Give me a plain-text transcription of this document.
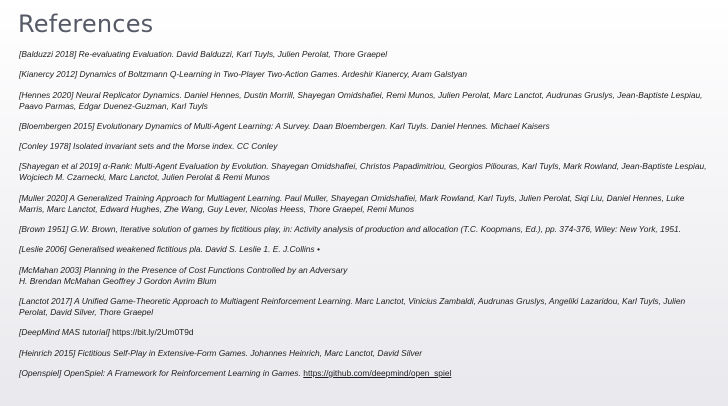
References
[Balduzzi 2018] Re-evaluating Evaluation. David Balduzzi, Karl Tuyls, Julien Perolat, Thore Graepel
[Kianercy 2012] Dynamics of Boltzmann Q-Learning in Two-Player Two-Action Games. Ardeshir Kianercy, Aram Galstyan
[Hennes 2020] Neural Replicator Dynamics. Daniel Hennes, Dustin Morrill, Shayegan Omidshafiei, Remi Munos, Julien Perolat, Marc Lanctot, Audrunas Gruslys, Jean-Baptiste Lespiau, Paavo Parmas, Edgar Duenez-Guzman, Karl Tuyls
[Bloembergen 2015] Evolutionary Dynamics of Multi-Agent Learning: A Survey. Daan Bloembergen. Karl Tuyls. Daniel Hennes. Michael Kaisers
[Conley 1978] Isolated invariant sets and the Morse index. CC Conley
[Shayegan et al 2019] α-Rank: Multi-Agent Evaluation by Evolution. Shayegan Omidshafiei, Christos Papadimitriou, Georgios Piliouras, Karl Tuyls, Mark Rowland, Jean-Baptiste Lespiau, Wojciech M. Czarnecki, Marc Lanctot, Julien Perolat & Remi Munos
[Muller 2020] A Generalized Training Approach for Multiagent Learning. Paul Muller, Shayegan Omidshafiei, Mark Rowland, Karl Tuyls, Julien Perolat, Siqi Liu, Daniel Hennes, Luke Marris, Marc Lanctot, Edward Hughes, Zhe Wang, Guy Lever, Nicolas Heess, Thore Graepel, Remi Munos
[Brown 1951] G.W. Brown, Iterative solution of games by fictitious play, in: Activity analysis of production and allocation (T.C. Koopmans, Ed.), pp. 374-376, Wiley: New York, 1951.
[Leslie 2006] Generalised weakened fictitious pla. David S. Leslie 1. E. J.Collins •
[McMahan 2003] Planning in the Presence of Cost Functions Controlled by an Adversary
H. Brendan McMahan Geoffrey J Gordon Avrim Blum
[Lanctot 2017] A Unified Game-Theoretic Approach to Multiagent Reinforcement Learning. Marc Lanctot, Vinicius Zambaldi, Audrunas Gruslys, Angeliki Lazaridou, Karl Tuyls, Julien Perolat, David Silver, Thore Graepel
[DeepMind MAS tutorial] https://bit.ly/2Um0T9d
[Heinrich 2015] Fictitious Self-Play in Extensive-Form Games. Johannes Heinrich, Marc Lanctot, David Silver
[Openspiel] OpenSpiel: A Framework for Reinforcement Learning in Games. https://github.com/deepmind/open_spiel
